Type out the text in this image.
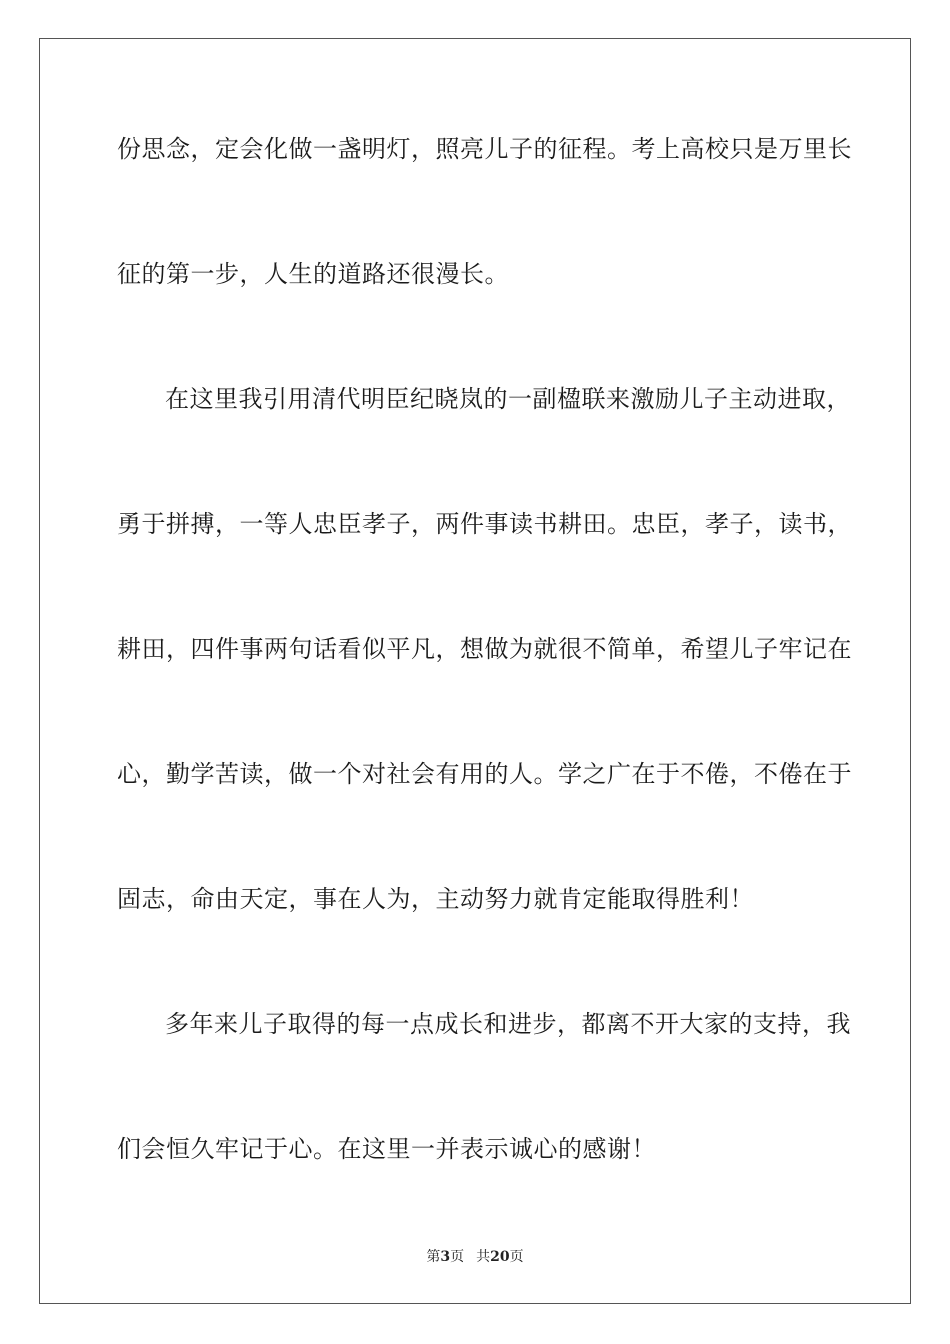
份思念，定会化做一盏明灯，照亮儿子的征程。考上高校只是万里长
征的第一步，人生的道路还很漫长。
在这里我引用清代明臣纪晓岚的一副楹联来激励儿子主动进取，
勇于拼搏，一等人忠臣孝子，两件事读书耕田。忠臣，孝子，读书，
耕田，四件事两句话看似平凡，想做为就很不简单，希望儿子牢记在
心，勤学苦读，做一个对社会有用的人。学之广在于不倦，不倦在于
固志，命由天定，事在人为，主动努力就肯定能取得胜利！
多年来儿子取得的每一点成长和进步，都离不开大家的支持，我
们会恒久牢记于心。在这里一并表示诚心的感谢！
第3页 共20页
